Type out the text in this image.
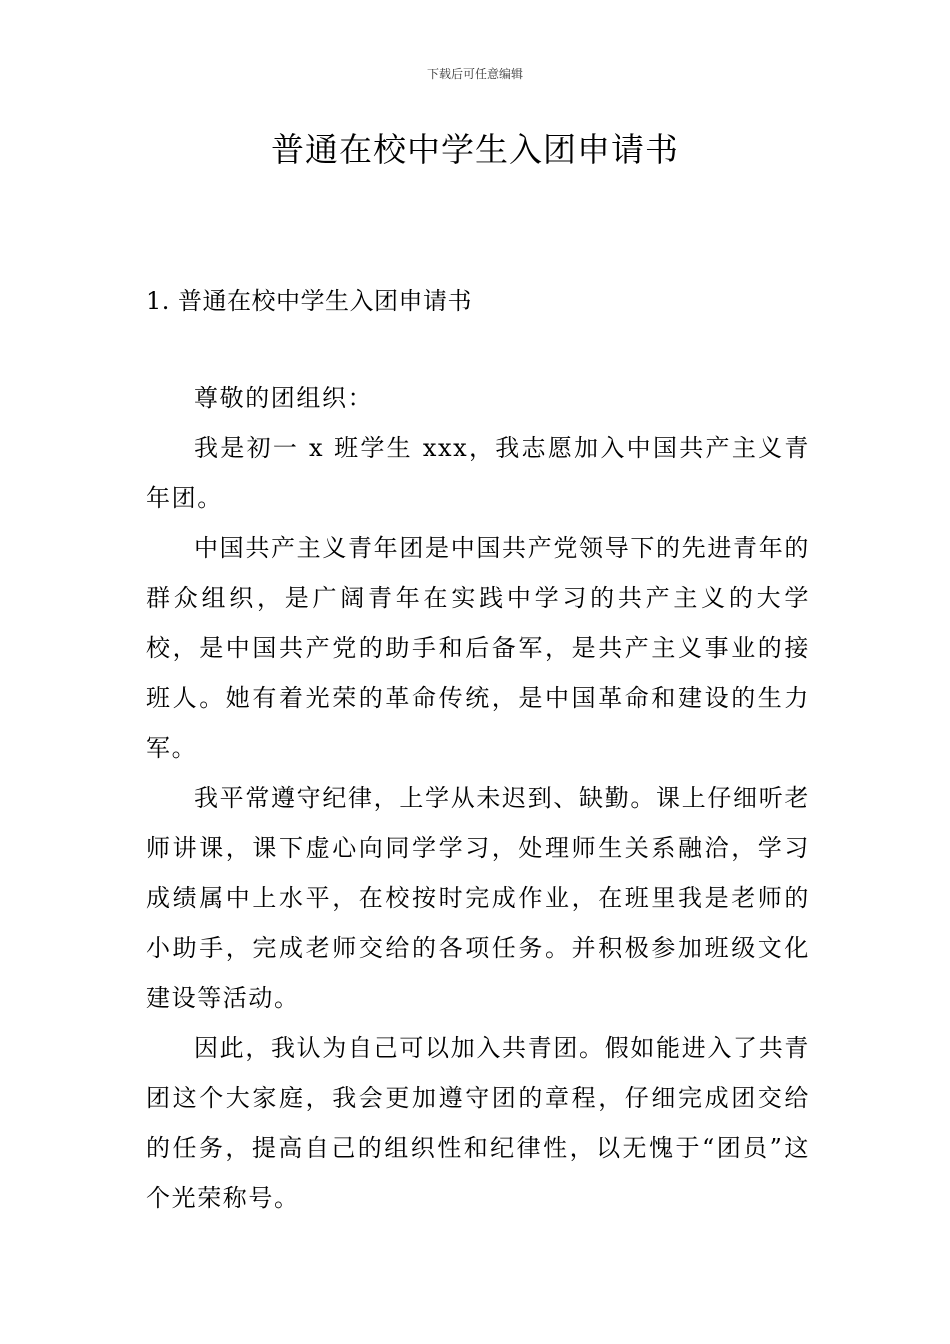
下载后可任意编辑
普通在校中学生入团申请书
1. 普通在校中学生入团申请书

尊敬的团组织：

我是初一 x 班学生 xxx，我志愿加入中国共产主义青年团。

中国共产主义青年团是中国共产党领导下的先进青年的群众组织，是广阔青年在实践中学习的共产主义的大学校，是中国共产党的助手和后备军，是共产主义事业的接班人。她有着光荣的革命传统，是中国革命和建设的生力军。

我平常遵守纪律，上学从未迟到、缺勤。课上仔细听老师讲课，课下虚心向同学学习，处理师生关系融洽，学习成绩属中上水平，在校按时完成作业，在班里我是老师的小助手，完成老师交给的各项任务。并积极参加班级文化建设等活动。

因此，我认为自己可以加入共青团。假如能进入了共青团这个大家庭，我会更加遵守团的章程，仔细完成团交给的任务，提高自己的组织性和纪律性，以无愧于“团员”这个光荣称号。
